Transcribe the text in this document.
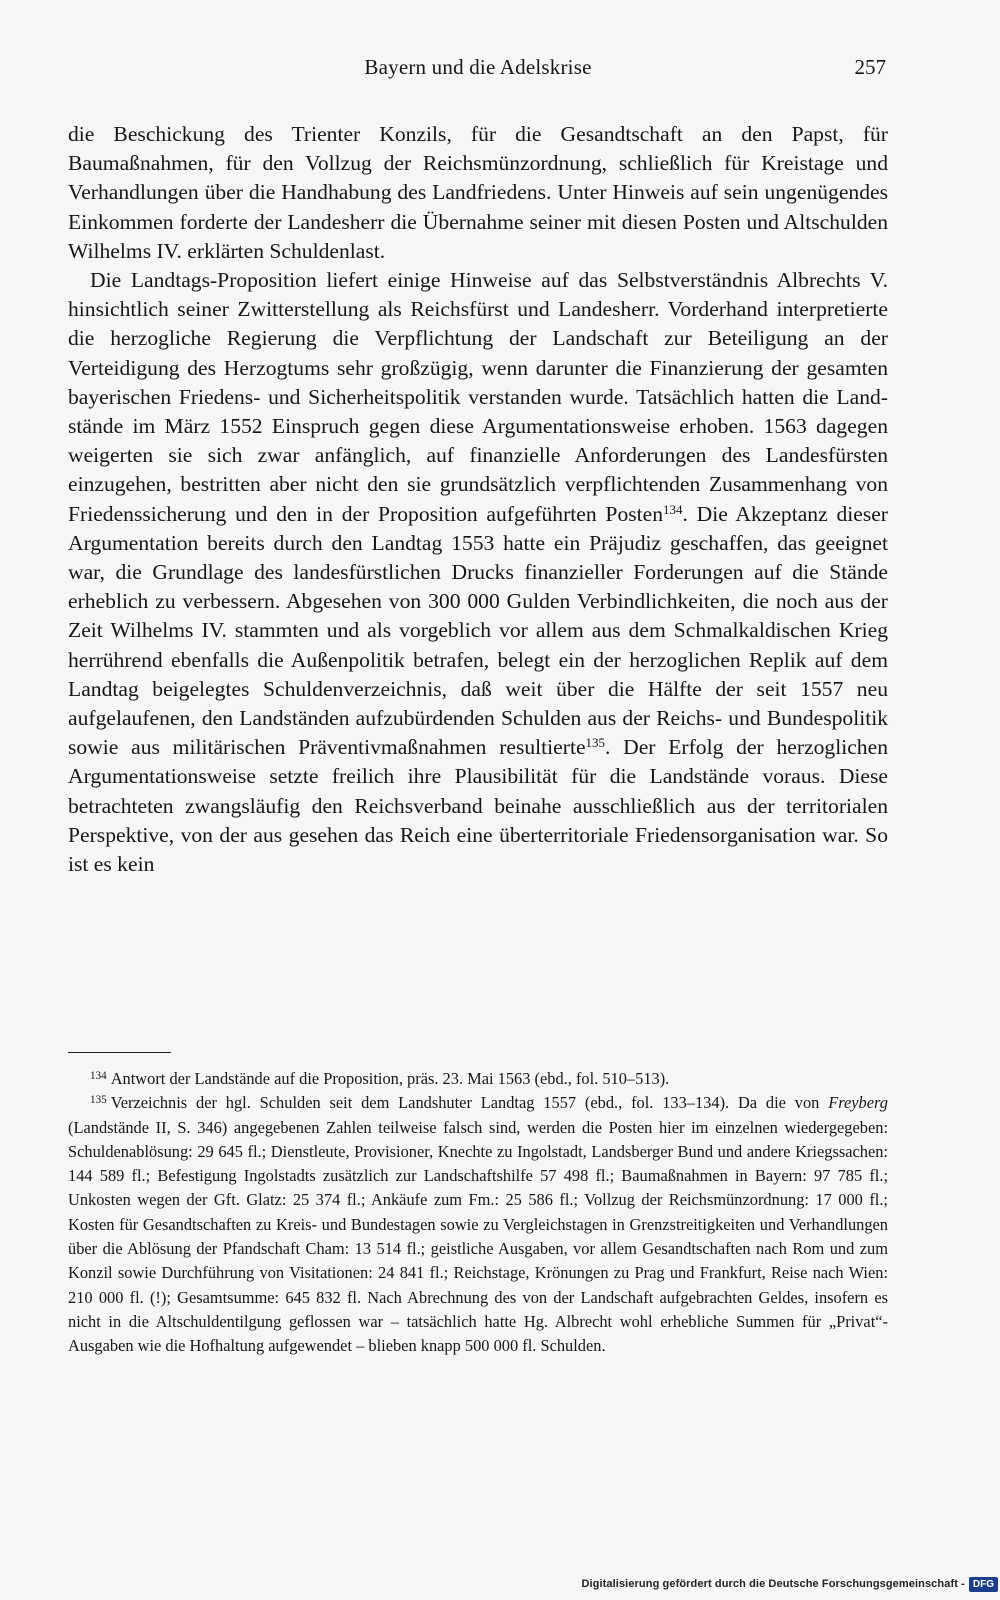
Bayern und die Adelskrise	257

die Beschickung des Trienter Konzils, für die Gesandtschaft an den Papst, für Baumaßnahmen, für den Vollzug der Reichsmünzordnung, schließlich für Kreistage und Verhandlungen über die Handhabung des Landfriedens. Unter Hinweis auf sein ungenügendes Einkommen forderte der Landesherr die Übernahme seiner mit diesen Posten und Altschulden Wilhelms IV. erklärten Schuldenlast.

Die Landtags-Proposition liefert einige Hinweise auf das Selbstverständnis Albrechts V. hinsichtlich seiner Zwitterstellung als Reichsfürst und Landesherr. Vorderhand interpretierte die herzogliche Regierung die Verpflichtung der Landschaft zur Beteiligung an der Verteidigung des Herzogtums sehr großzügig, wenn darunter die Finanzierung der gesamten bayerischen Friedens- und Sicherheitspolitik verstanden wurde. Tatsächlich hatten die Landstände im März 1552 Einspruch gegen diese Argumentationsweise erhoben. 1563 dagegen weigerten sie sich zwar anfänglich, auf finanzielle Anforderungen des Landesfürsten einzugehen, bestritten aber nicht den sie grundsätzlich verpflichtenden Zusammenhang von Friedenssicherung und den in der Proposition aufgeführten Posten$^{134}$. Die Akzeptanz dieser Argumentation bereits durch den Landtag 1553 hatte ein Präjudiz geschaffen, das geeignet war, die Grundlage des landesfürstlichen Drucks finanzieller Forderungen auf die Stände erheblich zu verbessern. Abgesehen von 300 000 Gulden Verbindlichkeiten, die noch aus der Zeit Wilhelms IV. stammten und als vorgeblich vor allem aus dem Schmalkaldischen Krieg herrührend ebenfalls die Außenpolitik betrafen, belegt ein der herzoglichen Replik auf dem Landtag beigelegtes Schuldenverzeichnis, daß weit über die Hälfte der seit 1557 neu aufgelaufenen, den Landständen aufzubürdenden Schulden aus der Reichs- und Bundespolitik sowie aus militärischen Präventivmaßnahmen resultierte$^{135}$. Der Erfolg der herzoglichen Argumentationsweise setzte freilich ihre Plausibilität für die Landstände voraus. Diese betrachteten zwangsläufig den Reichsverband beinahe ausschließlich aus der territorialen Perspektive, von der aus gesehen das Reich eine überterritoriale Friedensorganisation war. So ist es kein

$^{134}$ Antwort der Landstände auf die Proposition, präs. 23. Mai 1563 (ebd., fol. 510–513).

$^{135}$ Verzeichnis der hgl. Schulden seit dem Landshuter Landtag 1557 (ebd., fol. 133–134). Da die von Freyberg (Landstände II, S. 346) angegebenen Zahlen teilweise falsch sind, werden die Posten hier im einzelnen wiedergegeben: Schuldenablösung: 29 645 fl.; Dienstleute, Provisioner, Knechte zu Ingolstadt, Landsberger Bund und andere Kriegssachen: 144 589 fl.; Befestigung Ingolstadts zusätzlich zur Landschaftshilfe 57 498 fl.; Baumaßnahmen in Bayern: 97 785 fl.; Unkosten wegen der Gft. Glatz: 25 374 fl.; Ankäufe zum Fm.: 25 586 fl.; Vollzug der Reichsmünzordnung: 17 000 fl.; Kosten für Gesandtschaften zu Kreis- und Bundestagen sowie zu Vergleichstagen in Grenzstreitigkeiten und Verhandlungen über die Ablösung der Pfandschaft Cham: 13 514 fl.; geistliche Ausgaben, vor allem Gesandtschaften nach Rom und zum Konzil sowie Durchführung von Visitationen: 24 841 fl.; Reichstage, Krönungen zu Prag und Frankfurt, Reise nach Wien: 210 000 fl. (!); Gesamtsumme: 645 832 fl. Nach Abrechnung des von der Landschaft aufgebrachten Geldes, insofern es nicht in die Altschuldentilgung geflossen war – tatsächlich hatte Hg. Albrecht wohl erhebliche Summen für „Privat“-Ausgaben wie die Hofhaltung aufgewendet – blieben knapp 500 000 fl. Schulden.

Digitalisierung gefördert durch die Deutsche Forschungsgemeinschaft - DFG
